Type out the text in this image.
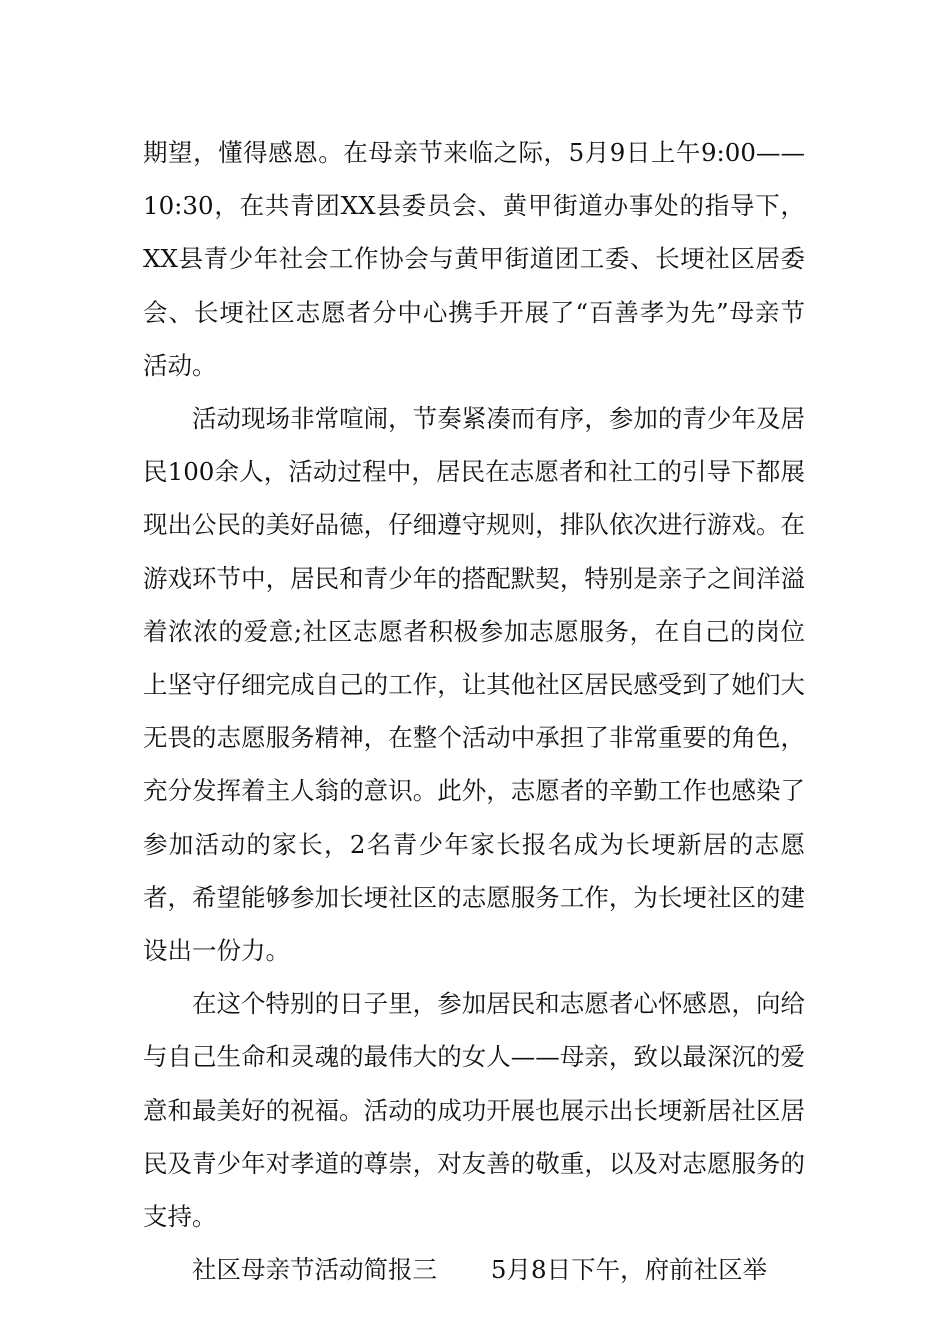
期望，懂得感恩。在母亲节来临之际，5月9日上午9:00——10:30，在共青团XX县委员会、黄甲街道办事处的指导下，XX县青少年社会工作协会与黄甲街道团工委、长埂社区居委会、长埂社区志愿者分中心携手开展了“百善孝为先”母亲节活动。

活动现场非常喧闹，节奏紧凑而有序，参加的青少年及居民100余人，活动过程中，居民在志愿者和社工的引导下都展现出公民的美好品德，仔细遵守规则，排队依次进行游戏。在游戏环节中，居民和青少年的搭配默契，特别是亲子之间洋溢着浓浓的爱意;社区志愿者积极参加志愿服务，在自己的岗位上坚守仔细完成自己的工作，让其他社区居民感受到了她们大无畏的志愿服务精神，在整个活动中承担了非常重要的角色，充分发挥着主人翁的意识。此外，志愿者的辛勤工作也感染了参加活动的家长，2名青少年家长报名成为长埂新居的志愿者，希望能够参加长埂社区的志愿服务工作，为长埂社区的建设出一份力。

在这个特别的日子里，参加居民和志愿者心怀感恩，向给与自己生命和灵魂的最伟大的女人——母亲，致以最深沉的爱意和最美好的祝福。活动的成功开展也展示出长埂新居社区居民及青少年对孝道的尊崇，对友善的敬重，以及对志愿服务的支持。

社区母亲节活动简报三 5月8日下午，府前社区举
